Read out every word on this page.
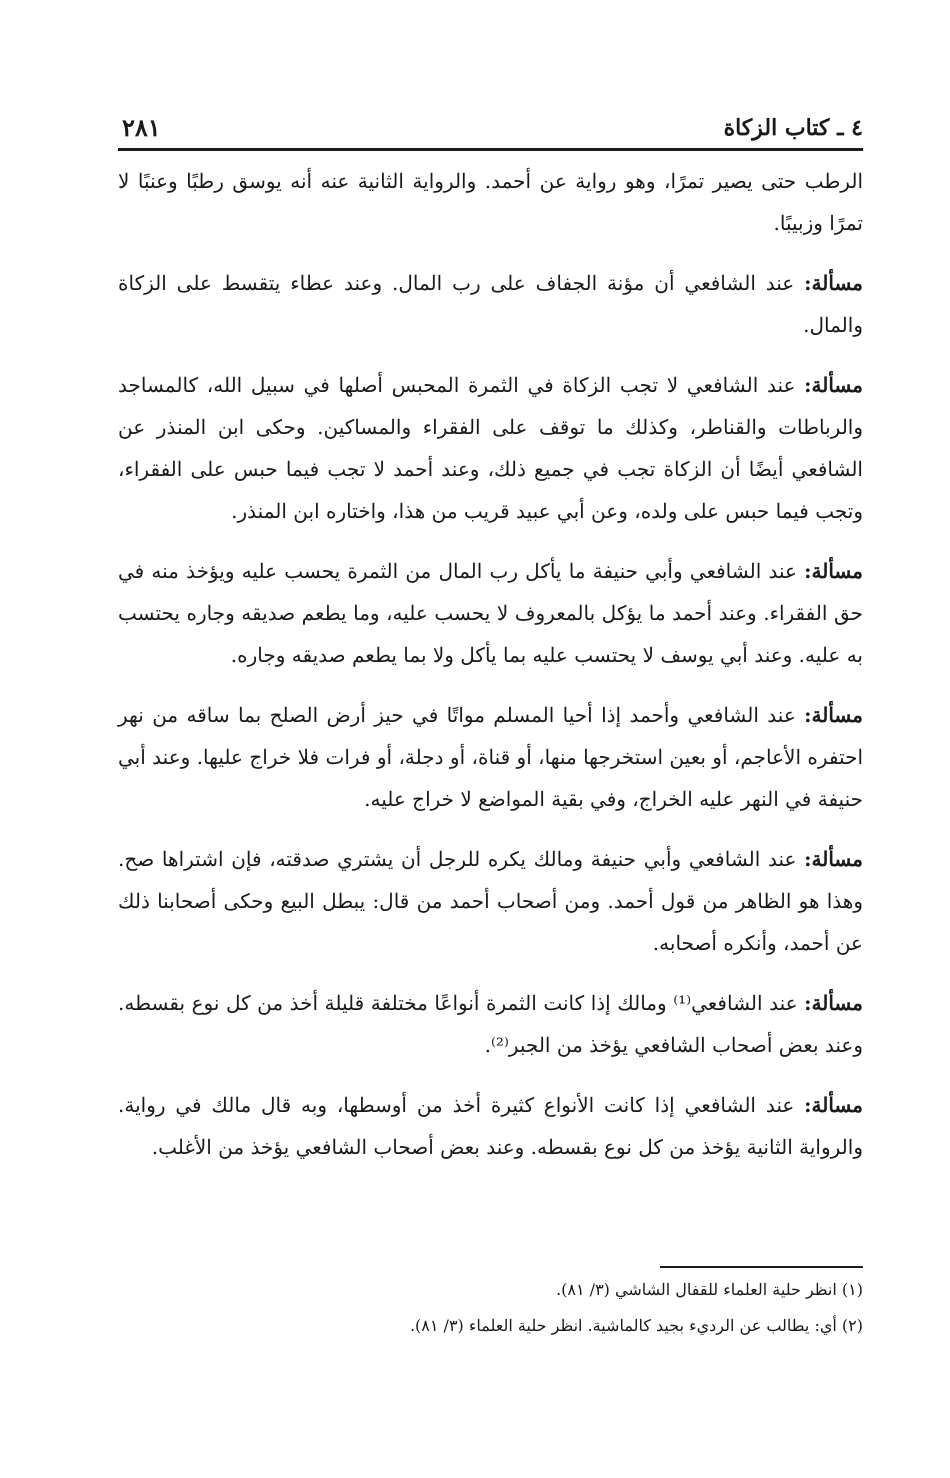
٤ ـ كتاب الزكاة
٢٨١

الرطب حتى يصير تمرًا، وهو رواية عن أحمد. والرواية الثانية عنه أنه يوسق رطبًا وعنبًا لا تمرًا وزبيبًا.

مسألة: عند الشافعي أن مؤنة الجفاف على رب المال. وعند عطاء يتقسط على الزكاة والمال.

مسألة: عند الشافعي لا تجب الزكاة في الثمرة المحبس أصلها في سبيل الله، كالمساجد والرباطات والقناطر، وكذلك ما توقف على الفقراء والمساكين. وحكى ابن المنذر عن الشافعي أيضًا أن الزكاة تجب في جميع ذلك، وعند أحمد لا تجب فيما حبس على الفقراء، وتجب فيما حبس على ولده، وعن أبي عبيد قريب من هذا، واختاره ابن المنذر.

مسألة: عند الشافعي وأبي حنيفة ما يأكل رب المال من الثمرة يحسب عليه ويؤخذ منه في حق الفقراء. وعند أحمد ما يؤكل بالمعروف لا يحسب عليه، وما يطعم صديقه وجاره يحتسب به عليه. وعند أبي يوسف لا يحتسب عليه بما يأكل ولا بما يطعم صديقه وجاره.

مسألة: عند الشافعي وأحمد إذا أحيا المسلم مواتًا في حيز أرض الصلح بما ساقه من نهر احتفره الأعاجم، أو بعين استخرجها منها، أو قناة، أو دجلة، أو فرات فلا خراج عليها. وعند أبي حنيفة في النهر عليه الخراج، وفي بقية المواضع لا خراج عليه.

مسألة: عند الشافعي وأبي حنيفة ومالك يكره للرجل أن يشتري صدقته، فإن اشتراها صح. وهذا هو الظاهر من قول أحمد. ومن أصحاب أحمد من قال: يبطل البيع وحكى أصحابنا ذلك عن أحمد، وأنكره أصحابه.

مسألة: عند الشافعي⁽¹⁾ ومالك إذا كانت الثمرة أنواعًا مختلفة قليلة أخذ من كل نوع بقسطه. وعند بعض أصحاب الشافعي يؤخذ من الجبر⁽²⁾.

مسألة: عند الشافعي إذا كانت الأنواع كثيرة أخذ من أوسطها، وبه قال مالك في رواية. والرواية الثانية يؤخذ من كل نوع بقسطه. وعند بعض أصحاب الشافعي يؤخذ من الأغلب.

(١) انظر حلية العلماء للقفال الشاشي (٣/ ٨١).

(٢) أي: يطالب عن الرديء بجيد كالماشية. انظر حلية العلماء (٣/ ٨١).
